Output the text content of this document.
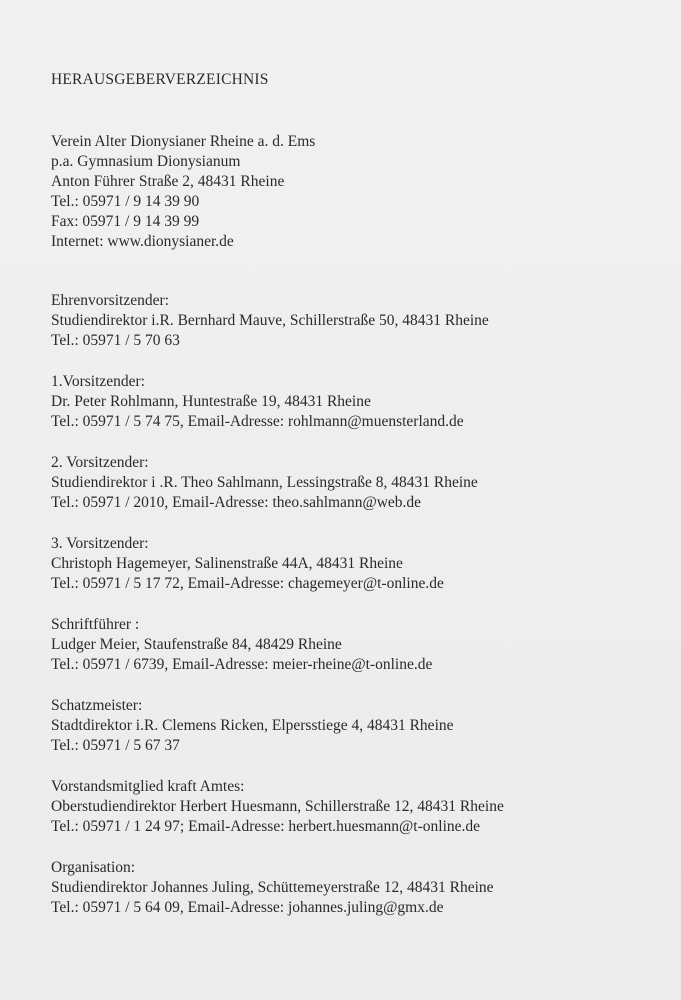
HERAUSGEBERVERZEICHNIS
Verein Alter Dionysianer Rheine a. d. Ems
p.a. Gymnasium Dionysianum
Anton Führer Straße 2, 48431 Rheine
Tel.: 05971 / 9 14 39 90
Fax: 05971 / 9 14 39 99
Internet: www.dionysianer.de
Ehrenvorsitzender:
Studiendirektor i.R. Bernhard Mauve, Schillerstraße 50, 48431 Rheine
Tel.: 05971 / 5 70 63
1.Vorsitzender:
Dr. Peter Rohlmann, Huntestraße 19, 48431 Rheine
Tel.: 05971 / 5 74 75, Email-Adresse: rohlmann@muensterland.de
2. Vorsitzender:
Studiendirektor i .R. Theo Sahlmann, Lessingstraße 8, 48431 Rheine
Tel.: 05971 / 2010, Email-Adresse: theo.sahlmann@web.de
3. Vorsitzender:
Christoph Hagemeyer, Salinenstraße 44A, 48431 Rheine
Tel.: 05971 / 5 17 72, Email-Adresse: chagemeyer@t-online.de
Schriftführer :
Ludger Meier, Staufenstraße 84, 48429 Rheine
Tel.: 05971 / 6739, Email-Adresse: meier-rheine@t-online.de
Schatzmeister:
Stadtdirektor i.R. Clemens Ricken, Elpersstiege 4, 48431 Rheine
Tel.: 05971 / 5 67 37
Vorstandsmitglied kraft Amtes:
Oberstudiendirektor Herbert Huesmann, Schillerstraße 12, 48431 Rheine
Tel.: 05971 / 1 24 97; Email-Adresse: herbert.huesmann@t-online.de
Organisation:
Studiendirektor Johannes Juling, Schüttemeyerstraße 12, 48431 Rheine
Tel.: 05971 / 5 64 09, Email-Adresse: johannes.juling@gmx.de
